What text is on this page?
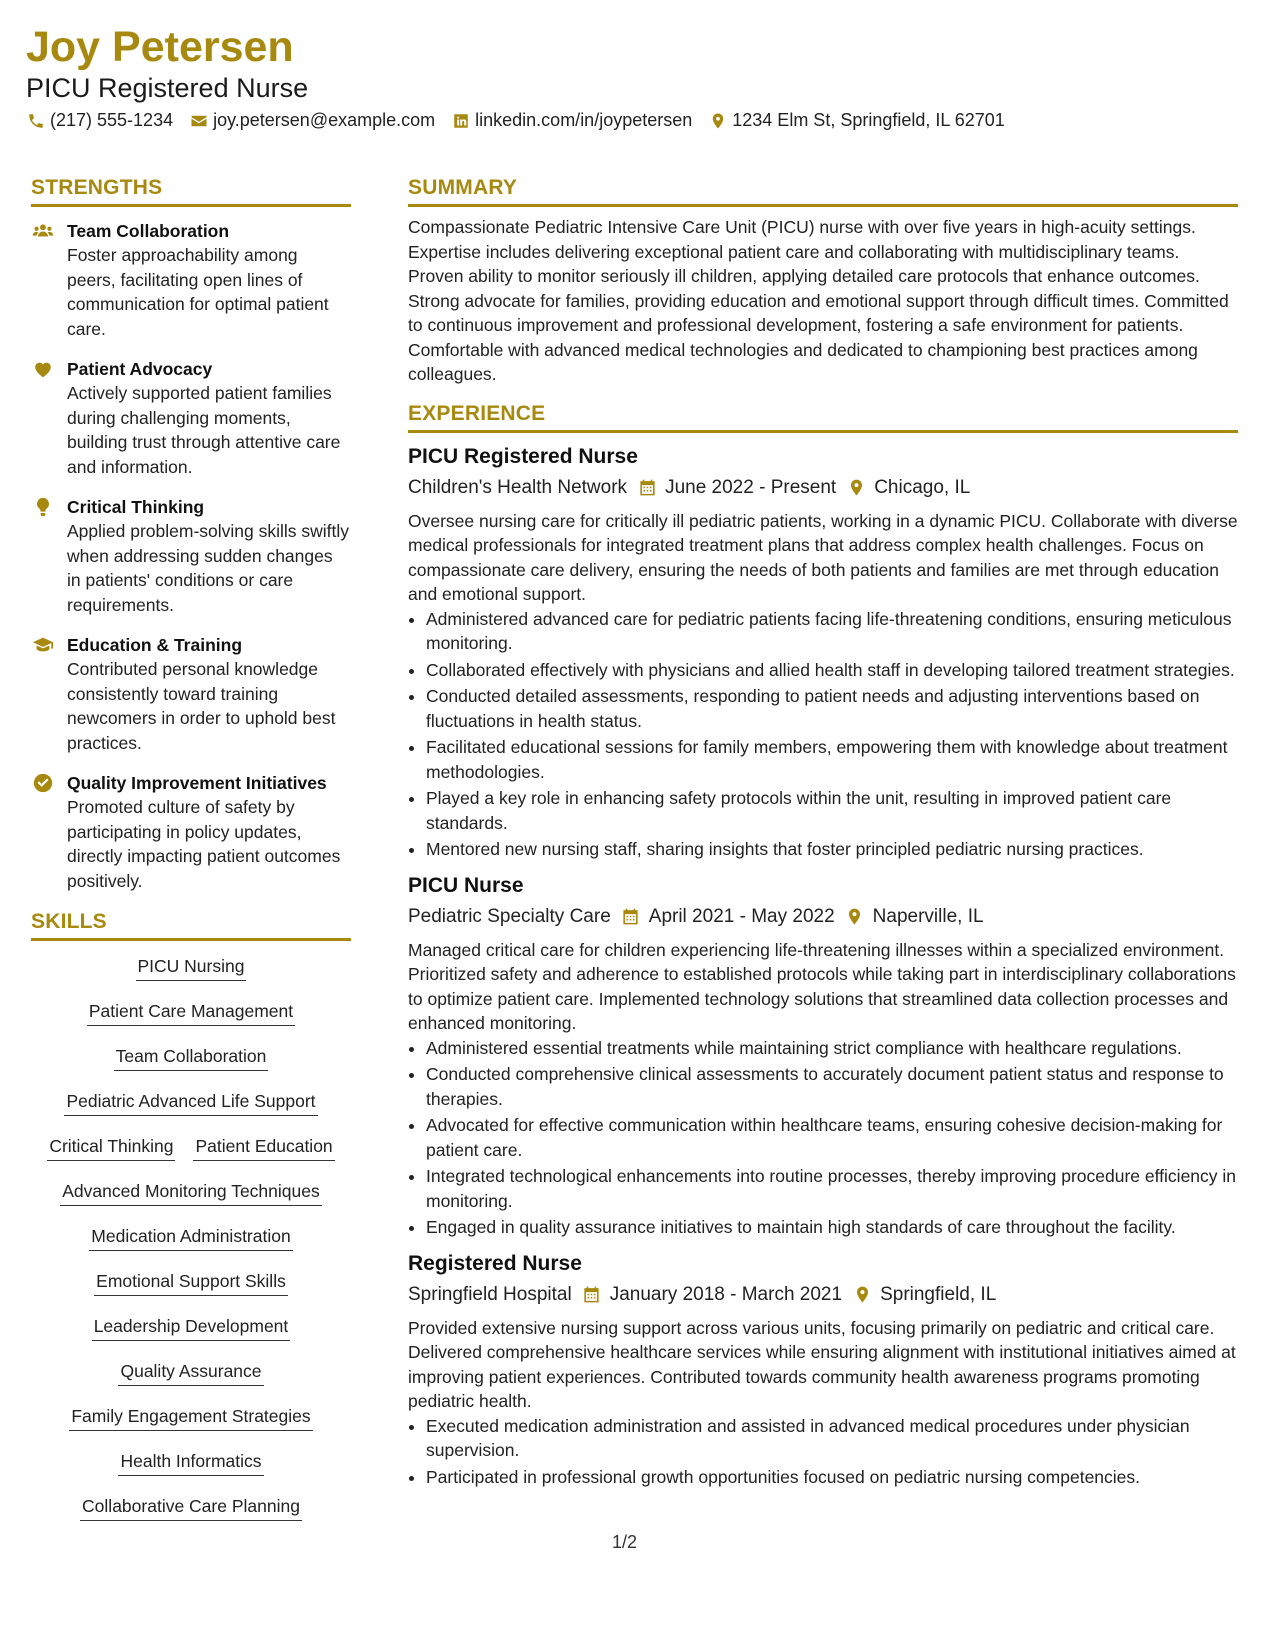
Joy Petersen
PICU Registered Nurse
(217) 555-1234 joy.petersen@example.com linkedin.com/in/joypetersen 1234 Elm St, Springfield, IL 62701
STRENGTHS
Team Collaboration
Foster approachability among peers, facilitating open lines of communication for optimal patient care.
Patient Advocacy
Actively supported patient families during challenging moments, building trust through attentive care and information.
Critical Thinking
Applied problem-solving skills swiftly when addressing sudden changes in patients' conditions or care requirements.
Education & Training
Contributed personal knowledge consistently toward training newcomers in order to uphold best practices.
Quality Improvement Initiatives
Promoted culture of safety by participating in policy updates, directly impacting patient outcomes positively.
SKILLS
PICU Nursing
Patient Care Management
Team Collaboration
Pediatric Advanced Life Support
Critical Thinking Patient Education
Advanced Monitoring Techniques
Medication Administration
Emotional Support Skills
Leadership Development
Quality Assurance
Family Engagement Strategies
Health Informatics
Collaborative Care Planning
SUMMARY
Compassionate Pediatric Intensive Care Unit (PICU) nurse with over five years in high-acuity settings. Expertise includes delivering exceptional patient care and collaborating with multidisciplinary teams. Proven ability to monitor seriously ill children, applying detailed care protocols that enhance outcomes. Strong advocate for families, providing education and emotional support through difficult times. Committed to continuous improvement and professional development, fostering a safe environment for patients. Comfortable with advanced medical technologies and dedicated to championing best practices among colleagues.
EXPERIENCE
PICU Registered Nurse
Children's Health Network June 2022 - Present Chicago, IL
Oversee nursing care for critically ill pediatric patients, working in a dynamic PICU. Collaborate with diverse medical professionals for integrated treatment plans that address complex health challenges. Focus on compassionate care delivery, ensuring the needs of both patients and families are met through education and emotional support.
• Administered advanced care for pediatric patients facing life-threatening conditions, ensuring meticulous monitoring.
• Collaborated effectively with physicians and allied health staff in developing tailored treatment strategies.
• Conducted detailed assessments, responding to patient needs and adjusting interventions based on fluctuations in health status.
• Facilitated educational sessions for family members, empowering them with knowledge about treatment methodologies.
• Played a key role in enhancing safety protocols within the unit, resulting in improved patient care standards.
• Mentored new nursing staff, sharing insights that foster principled pediatric nursing practices.
PICU Nurse
Pediatric Specialty Care April 2021 - May 2022 Naperville, IL
Managed critical care for children experiencing life-threatening illnesses within a specialized environment. Prioritized safety and adherence to established protocols while taking part in interdisciplinary collaborations to optimize patient care. Implemented technology solutions that streamlined data collection processes and enhanced monitoring.
• Administered essential treatments while maintaining strict compliance with healthcare regulations.
• Conducted comprehensive clinical assessments to accurately document patient status and response to therapies.
• Advocated for effective communication within healthcare teams, ensuring cohesive decision-making for patient care.
• Integrated technological enhancements into routine processes, thereby improving procedure efficiency in monitoring.
• Engaged in quality assurance initiatives to maintain high standards of care throughout the facility.
Registered Nurse
Springfield Hospital January 2018 - March 2021 Springfield, IL
Provided extensive nursing support across various units, focusing primarily on pediatric and critical care. Delivered comprehensive healthcare services while ensuring alignment with institutional initiatives aimed at improving patient experiences. Contributed towards community health awareness programs promoting pediatric health.
• Executed medication administration and assisted in advanced medical procedures under physician supervision.
• Participated in professional growth opportunities focused on pediatric nursing competencies.
1/2
